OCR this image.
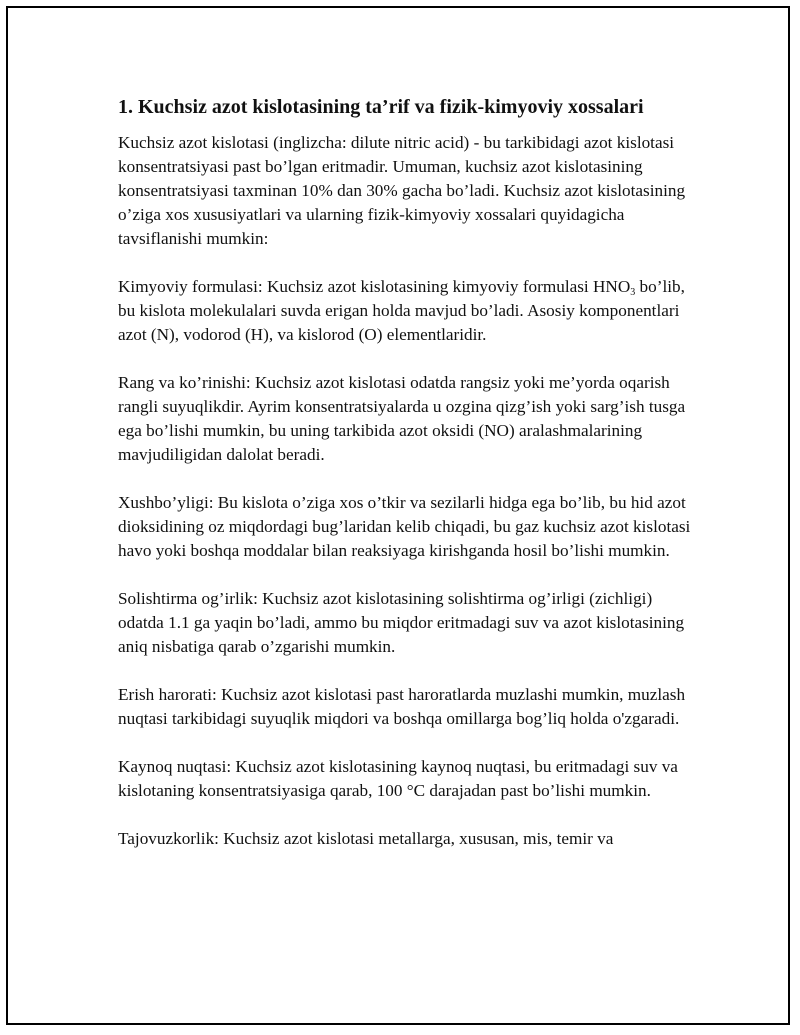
1. Kuchsiz azot kislotasining ta’rif va fizik-kimyoviy xossalari

Kuchsiz azot kislotasi (inglizcha: dilute nitric acid) - bu tarkibidagi azot kislotasi konsentratsiyasi past bo’lgan eritmadir. Umuman, kuchsiz azot kislotasining konsentratsiyasi taxminan 10% dan 30% gacha bo’ladi. Kuchsiz azot kislotasining o’ziga xos xususiyatlari va ularning fizik-kimyoviy xossalari quyidagicha tavsiflanishi mumkin:

Kimyoviy formulasi: Kuchsiz azot kislotasining kimyoviy formulasi $HNO_3$ bo’lib, bu kislota molekulalari suvda erigan holda mavjud bo’ladi. Asosiy komponentlari azot (N), vodorod (H), va kislorod (O) elementlaridir.

Rang va ko’rinishi: Kuchsiz azot kislotasi odatda rangsiz yoki me’yorda oqarish rangli suyuqlikdir. Ayrim konsentratsiyalarda u ozgina qizg’ish yoki sarg’ish tusga ega bo’lishi mumkin, bu uning tarkibida azot oksidi (NO) aralashmalarining mavjudiligidan dalolat beradi.

Xushbo’yligi: Bu kislota o’ziga xos o’tkir va sezilarli hidga ega bo’lib, bu hid azot dioksidining oz miqdordagi bug’laridan kelib chiqadi, bu gaz kuchsiz azot kislotasi havo yoki boshqa moddalar bilan reaksiyaga kirishganda hosil bo’lishi mumkin.

Solishtirma og’irlik: Kuchsiz azot kislotasining solishtirma og’irligi (zichligi) odatda 1.1 ga yaqin bo’ladi, ammo bu miqdor eritmadagi suv va azot kislotasining aniq nisbatiga qarab o’zgarishi mumkin.

Erish harorati: Kuchsiz azot kislotasi past haroratlarda muzlashi mumkin, muzlash nuqtasi tarkibidagi suyuqlik miqdori va boshqa omillarga bog’liq holda o'zgaradi.

Kaynoq nuqtasi: Kuchsiz azot kislotasining kaynoq nuqtasi, bu eritmadagi suv va kislotaning konsentratsiyasiga qarab, 100 °C darajadan past bo’lishi mumkin.

Tajovuzkorlik: Kuchsiz azot kislotasi metallarga, xususan, mis, temir va
